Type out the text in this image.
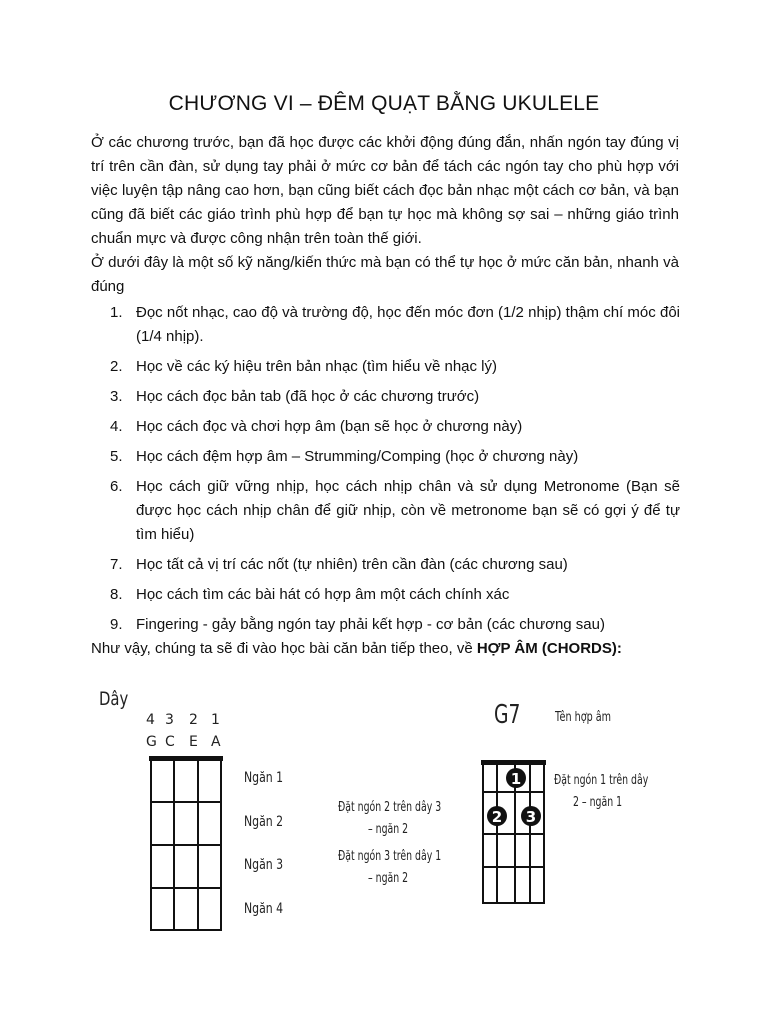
CHƯƠNG VI – ĐÊM QUẠT BẰNG UKULELE
Ở các chương trước, bạn đã học được các khởi động đúng đắn, nhấn ngón tay đúng vị trí trên cần đàn, sử dụng tay phải ở mức cơ bản để tách các ngón tay cho phù hợp với việc luyện tập nâng cao hơn, bạn cũng biết cách đọc bản nhạc một cách cơ bản, và bạn cũng đã biết các giáo trình phù hợp để bạn tự học mà không sợ sai – những giáo trình chuẩn mực và được công nhận trên toàn thế giới.
Ở dưới đây là một số kỹ năng/kiến thức mà bạn có thể tự học ở mức căn bản, nhanh và đúng
1. Đọc nốt nhạc, cao độ và trường độ, học đến móc đơn (1/2 nhịp) thậm chí móc đôi (1/4 nhịp).
2. Học về các ký hiệu trên bản nhạc (tìm hiểu về nhạc lý)
3. Học cách đọc bản tab (đã học ở các chương trước)
4. Học cách đọc và chơi hợp âm (bạn sẽ học ở chương này)
5. Học cách đệm hợp âm – Strumming/Comping (học ở chương này)
6. Học cách giữ vững nhịp, học cách nhịp chân và sử dụng Metronome (Bạn sẽ được học cách nhịp chân để giữ nhịp, còn về metronome bạn sẽ có gợi ý để tự tìm hiểu)
7. Học tất cả vị trí các nốt (tự nhiên) trên cần đàn (các chương sau)
8. Học cách tìm các bài hát có hợp âm một cách chính xác
9. Fingering - gảy bằng ngón tay phải kết hợp - cơ bản (các chương sau)
Như vậy, chúng ta sẽ đi vào học bài căn bản tiếp theo, về HỢP ÂM (CHORDS):
1
2 3
Dây
4 3 2 1
G C E A
Ngăn 1
Ngăn 2
Ngăn 3
Ngăn 4
Đặt ngón 2 trên dây 3
– ngăn 2
Đặt ngón 3 trên dây 1
– ngăn 2
G7	Tên hợp âm
Đặt ngón 1 trên dây
2 – ngăn 1
